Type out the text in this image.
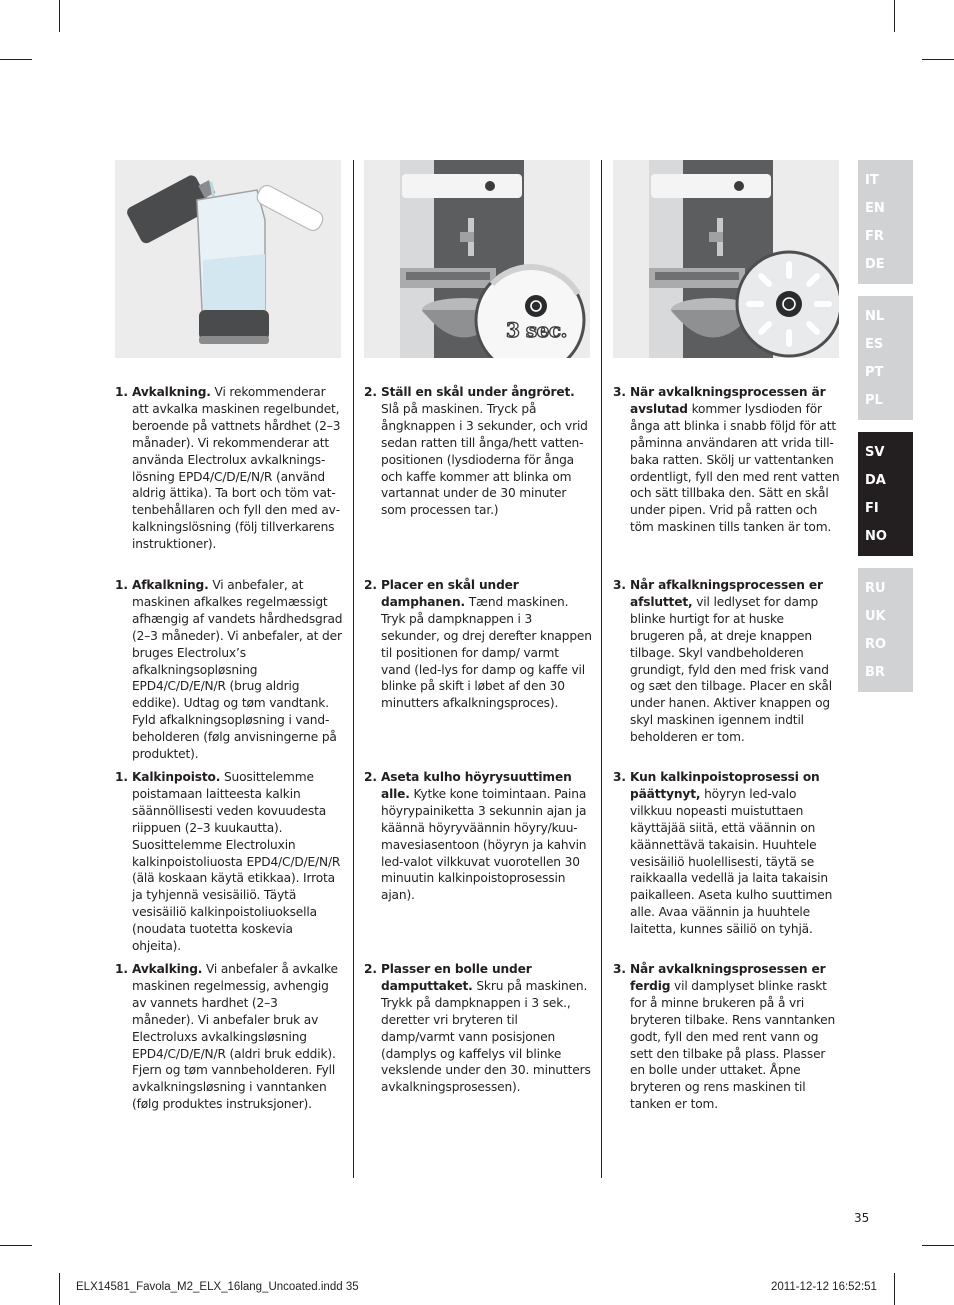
3 sec.
1. Avkalkning. Vi rekommenderar att avkalka maskinen regelbundet, beroende på vattnets hårdhet (2–3 månader). Vi rekommenderar att använda Electrolux avkalkningslösning EPD4/C/D/E/N/R (använd aldrig ättika). Ta bort och töm vattenbehållaren och fyll den med avkalkningslösning (följ tillverkarens instruktioner).
1. Afkalkning. Vi anbefaler, at maskinen afkalkes regelmæssigt afhængig af vandets hårdhedsgrad (2–3 måneder). Vi anbefaler, at der bruges Electrolux’s afkalkningsopløsning EPD4/C/D/E/N/R (brug aldrig eddike). Udtag og tøm vandtank. Fyld afkalkningsopløsning i vandbeholderen (følg anvisningerne på produktet).
1. Kalkinpoisto. Suosittelemme poistamaan laitteesta kalkin säännöllisesti veden kovuudesta riippuen (2–3 kuukautta). Suosittelemme Electroluxin kalkinpoistoliuosta EPD4/C/D/E/N/R (älä koskaan käytä etikkaa). Irrota ja tyhjennä vesisäiliö. Täytä vesisäiliö kalkinpoistoliuoksella (noudata tuotetta koskevia ohjeita).
1. Avkalking. Vi anbefaler å avkalke maskinen regelmessig, avhengig av vannets hardhet (2–3 måneder). Vi anbefaler bruk av Electroluxs avkalkingsløsning EPD4/C/D/E/N/R (aldri bruk eddik). Fjern og tøm vannbeholderen. Fyll avkalkningsløsning i vanntanken (følg produktes instruksjoner).
2. Ställ en skål under ångröret. Slå på maskinen. Tryck på ångknappen i 3 sekunder, och vrid sedan ratten till ånga/hett vatten-positionen (lysdioderna för ånga och kaffe kommer att blinka om vartannat under de 30 minuter som processen tar.)
2. Placer en skål under damphanen. Tænd maskinen. Tryk på dampknappen i 3 sekunder, og drej derefter knappen til positionen for damp/ varmt vand (led-lys for damp og kaffe vil blinke på skift i løbet af den 30 minutters afkalkningsproces).
2. Aseta kulho höyrysuuttimen alle. Kytke kone toimintaan. Paina höyrypainiketta 3 sekunnin ajan ja käännä höyryväännin höyry/kuumavesiasentoon (höyryn ja kahvin led-valot vilkkuvat vuorotellen 30 minuutin kalkinpoistoprosessin ajan).
2. Plasser en bolle under damputtaket. Skru på maskinen. Trykk på dampknappen i 3 sek., deretter vri bryteren til damp/varmt vann posisjonen (damplys og kaffelys vil blinke vekslende under den 30. minutters avkalkningsprosessen).
3. När avkalkningsprocessen är avslutad kommer lysdioden för ånga att blinka i snabb följd för att påminna användaren att vrida tillbaka ratten. Skölj ur vattentanken ordentligt, fyll den med rent vatten och sätt tillbaka den. Sätt en skål under pipen. Vrid på ratten och töm maskinen tills tanken är tom.
3. Når afkalkningsprocessen er afsluttet, vil ledlyset for damp blinke hurtigt for at huske brugeren på, at dreje knappen tilbage. Skyl vandbeholderen grundigt, fyld den med frisk vand og sæt den tilbage. Placer en skål under hanen. Aktiver knappen og skyl maskinen igennem indtil beholderen er tom.
3. Kun kalkinpoistoprosessi on päättynyt, höyryn led-valo vilkkuu nopeasti muistuttaen käyttäjää siitä, että väännin on käännettävä takaisin. Huuhtele vesisäiliö huolellisesti, täytä se raikkaalla vedellä ja laita takaisin paikalleen. Aseta kulho suuttimen alle. Avaa väännin ja huuhtele laitetta, kunnes säiliö on tyhjä.
3. Når avkalkningsprosessen er ferdig vil damplyset blinke raskt for å minne brukeren på å vri bryteren tilbake. Rens vanntanken godt, fyll den med rent vann og sett den tilbake på plass. Plasser en bolle under uttaket. Åpne bryteren og rens maskinen til tanken er tom.
IT
EN
FR
DE
NL
ES
PT
PL
SV
DA
FI
NO
RU
UK
RO
BR
35
ELX14581_Favola_M2_ELX_16lang_Uncoated.indd 35	2011-12-12 16:52:51
